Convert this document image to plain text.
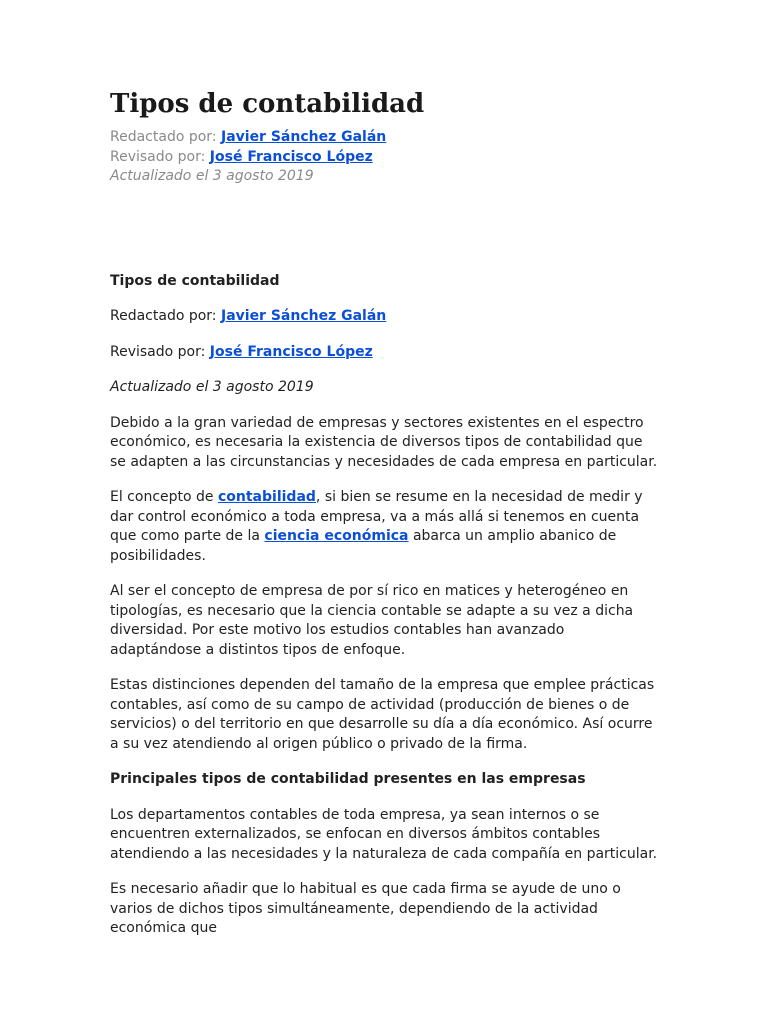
Tipos de contabilidad
Redactado por: Javier Sánchez Galán
Revisado por: José Francisco López
Actualizado el 3 agosto 2019

Tipos de contabilidad

Redactado por: Javier Sánchez Galán

Revisado por: José Francisco López

Actualizado el 3 agosto 2019

Debido a la gran variedad de empresas y sectores existentes en el espectro económico, es necesaria la existencia de diversos tipos de contabilidad que se adapten a las circunstancias y necesidades de cada empresa en particular.

El concepto de contabilidad, si bien se resume en la necesidad de medir y dar control económico a toda empresa, va a más allá si tenemos en cuenta que como parte de la ciencia económica abarca un amplio abanico de posibilidades.

Al ser el concepto de empresa de por sí rico en matices y heterogéneo en tipologías, es necesario que la ciencia contable se adapte a su vez a dicha diversidad. Por este motivo los estudios contables han avanzado adaptándose a distintos tipos de enfoque.

Estas distinciones dependen del tamaño de la empresa que emplee prácticas contables, así como de su campo de actividad (producción de bienes o de servicios) o del territorio en que desarrolle su día a día económico. Así ocurre a su vez atendiendo al origen público o privado de la firma.

Principales tipos de contabilidad presentes en las empresas

Los departamentos contables de toda empresa, ya sean internos o se encuentren externalizados, se enfocan en diversos ámbitos contables atendiendo a las necesidades y la naturaleza de cada compañía en particular.

Es necesario añadir que lo habitual es que cada firma se ayude de uno o varios de dichos tipos simultáneamente, dependiendo de la actividad económica que
